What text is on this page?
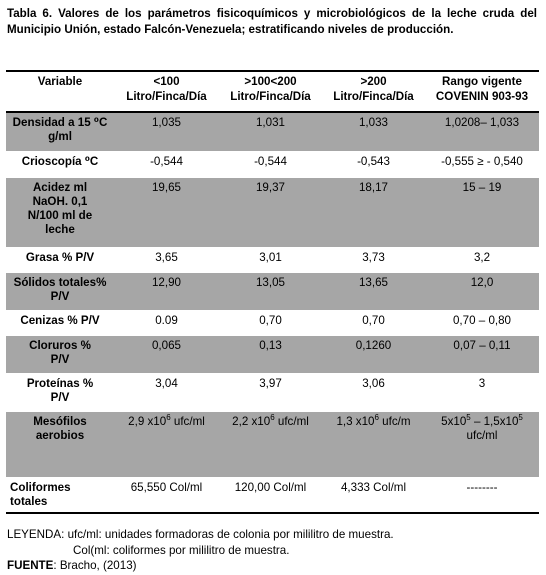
Tabla 6. Valores de los parámetros fisicoquímicos y microbiológicos de la leche cruda del Municipio Unión, estado Falcón-Venezuela; estratificando niveles de producción.
Variable	<100 Litro/Finca/Día	>100<200 Litro/Finca/Día	>200 Litro/Finca/Día	Rango vigente COVENIN 903-93
Densidad a 15 ⁰C g/ml	1,035	1,031	1,033	1,0208– 1,033
Crioscopía ⁰C	-0,544	-0,544	-0,543	-0,555 ≥ - 0,540
Acidez ml NaOH. 0,1 N/100 ml de leche	19,65	19,37	18,17	15 – 19
Grasa % P/V	3,65	3,01	3,73	3,2
Sólidos totales% P/V	12,90	13,05	13,65	12,0
Cenizas % P/V	0.09	0,70	0,70	0,70 – 0,80
Cloruros % P/V	0,065	0,13	0,1260	0,07 – 0,11
Proteínas % P/V	3,04	3,97	3,06	3
Mesófilos aerobios	2,9 $x10^6$ ufc/ml	2,2 $x10^6$ ufc/ml	1,3 $x10^6$ ufc/m	$5x10^5 - 1,5x10^5$
ufc/ml
Coliformes totales	65,550 Col/ml	120,00 Col/ml	4,333 Col/ml	--------
LEYENDA: ufc/ml: unidades formadoras de colonia por mililitro de muestra.
Col(ml: coliformes por mililitro de muestra.
FUENTE: Bracho, (2013)
